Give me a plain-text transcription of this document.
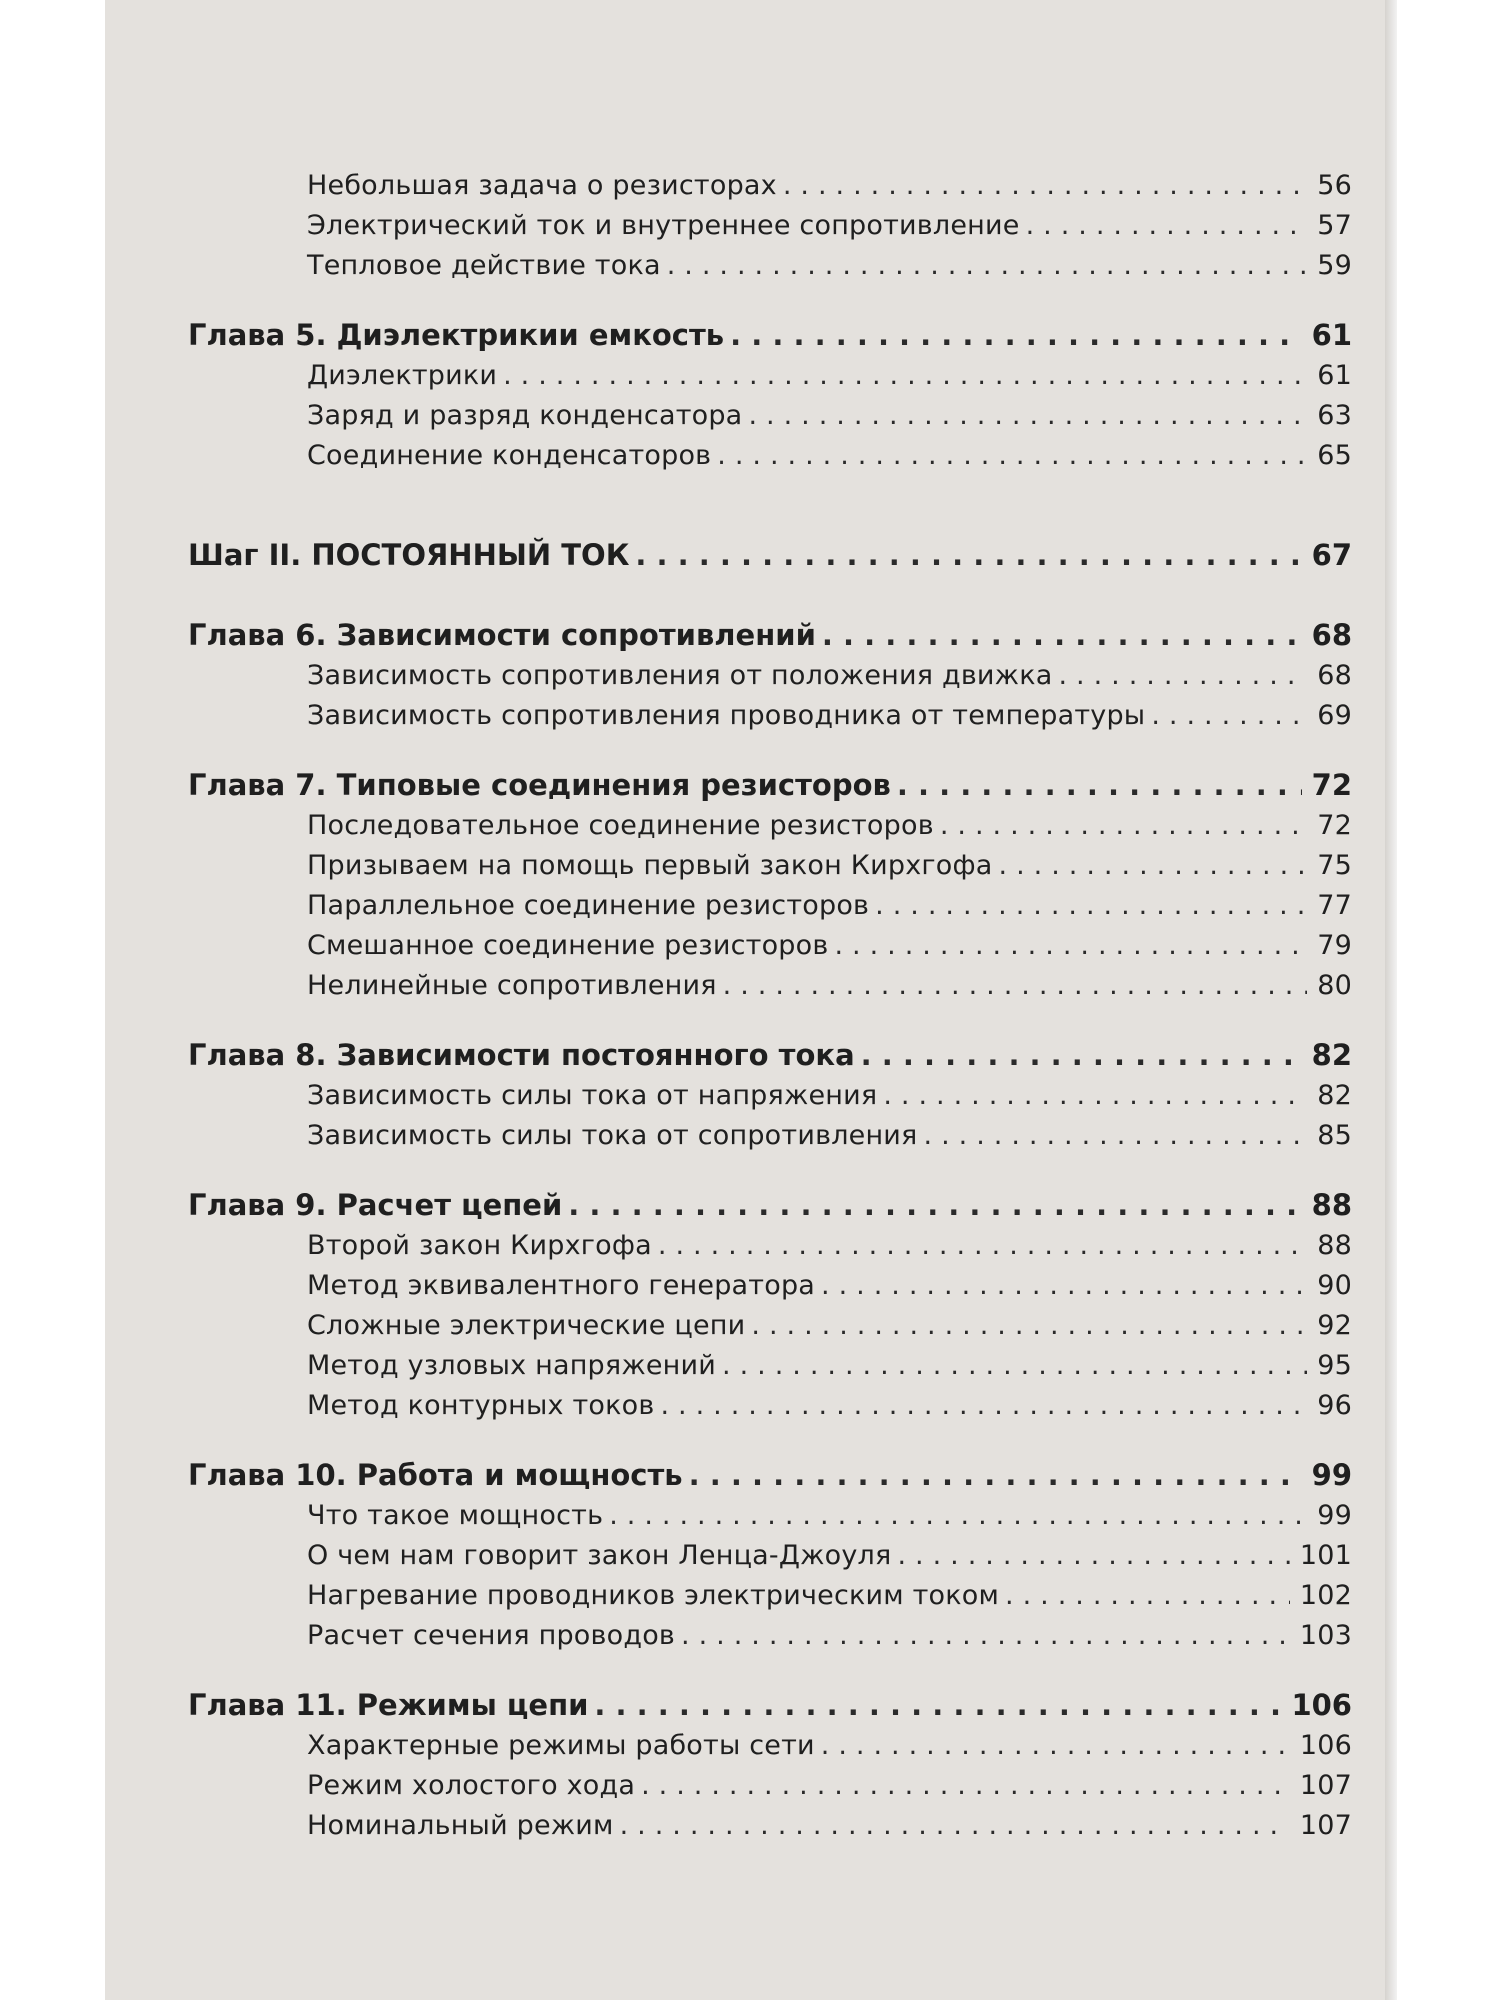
Небольшая задача о резисторах . . .	56
Электрический ток и внутреннее сопротивление . . .	57
Тепловое действие тока . . .	59
Глава 5. Диэлектрикии емкость . . .	61
Диэлектрики . . .	61
Заряд и разряд конденсатора . . .	63
Соединение конденсаторов . . .	65
Шаг II. ПОСТОЯННЫЙ ТОК . . .	67
Глава 6. Зависимости сопротивлений . . .	68
Зависимость сопротивления от положения движка . . .	68
Зависимость сопротивления проводника от температуры . . .	69
Глава 7. Типовые соединения резисторов . . .	72
Последовательное соединение резисторов . . .	72
Призываем на помощь первый закон Кирхгофа . . .	75
Параллельное соединение резисторов . . .	77
Смешанное соединение резисторов . . .	79
Нелинейные сопротивления . . .	80
Глава 8. Зависимости постоянного тока . . .	82
Зависимость силы тока от напряжения . . .	82
Зависимость силы тока от сопротивления . . .	85
Глава 9. Расчет цепей . . .	88
Второй закон Кирхгофа . . .	88
Метод эквивалентного генератора . . .	90
Сложные электрические цепи . . .	92
Метод узловых напряжений . . .	95
Метод контурных токов . . .	96
Глава 10. Работа и мощность . . .	99
Что такое мощность . . .	99
О чем нам говорит закон Ленца-Джоуля . . .	101
Нагревание проводников электрическим током . . .	102
Расчет сечения проводов . . .	103
Глава 11. Режимы цепи . . .	106
Характерные режимы работы сети . . .	106
Режим холостого хода . . .	107
Номинальный режим . . .	107
